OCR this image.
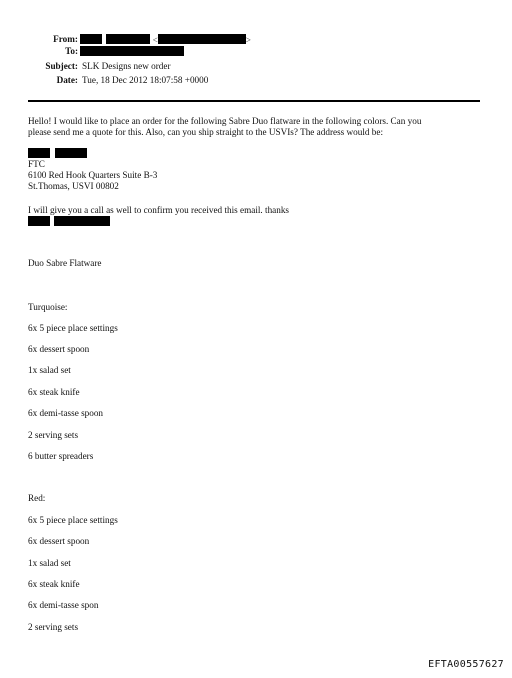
From:	<	>
To:
Subject: SLK Designs new order
Date: Tue, 18 Dec 2012 18:07:58 +0000
Hello! I would like to place an order for the following Sabre Duo flatware in the following colors. Can you
please send me a quote for this. Also, can you ship straight to the USVIs? The address would be:

FTC
6100 Red Hook Quarters Suite B-3
St.Thomas, USVI 00802
I will give you a call as well to confirm you received this email. thanks

Duo Sabre Flatware
Turquoise:
6x 5 piece place settings
6x dessert spoon
1x salad set
6x steak knife
6x demi-tasse spoon
2 serving sets
6 butter spreaders
Red:
6x 5 piece place settings
6x dessert spoon
1x salad set
6x steak knife
6x demi-tasse spon
2 serving sets
EFTA00557627
